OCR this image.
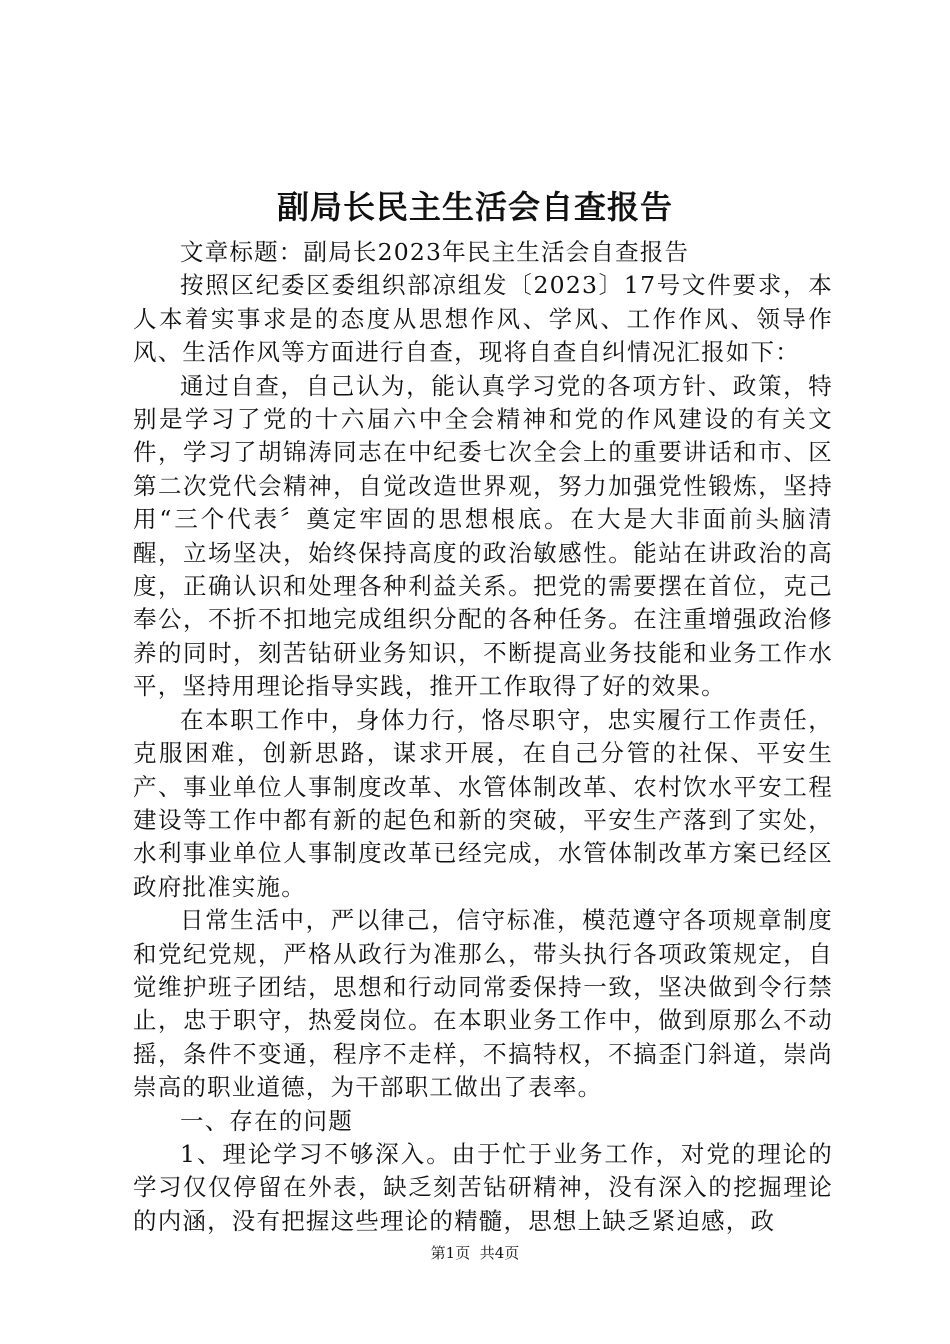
副局长民主生活会自查报告

文章标题：副局长2023年民主生活会自查报告

按照区纪委区委组织部凉组发〔2023〕17号文件要求，本人本着实事求是的态度从思想作风、学风、工作作风、领导作风、生活作风等方面进行自查，现将自查自纠情况汇报如下：

通过自查，自己认为，能认真学习党的各项方针、政策，特别是学习了党的十六届六中全会精神和党的作风建设的有关文件，学习了胡锦涛同志在中纪委七次全会上的重要讲话和市、区第二次党代会精神，自觉改造世界观，努力加强党性锻炼，坚持用“三个代表〞奠定牢固的思想根底。在大是大非面前头脑清醒，立场坚决，始终保持高度的政治敏感性。能站在讲政治的高度，正确认识和处理各种利益关系。把党的需要摆在首位，克己奉公，不折不扣地完成组织分配的各种任务。在注重增强政治修养的同时，刻苦钻研业务知识，不断提高业务技能和业务工作水平，坚持用理论指导实践，推开工作取得了好的效果。

在本职工作中，身体力行，恪尽职守，忠实履行工作责任，克服困难，创新思路，谋求开展，在自己分管的社保、平安生产、事业单位人事制度改革、水管体制改革、农村饮水平安工程建设等工作中都有新的起色和新的突破，平安生产落到了实处，水利事业单位人事制度改革已经完成，水管体制改革方案已经区政府批准实施。

日常生活中，严以律己，信守标准，模范遵守各项规章制度和党纪党规，严格从政行为准那么，带头执行各项政策规定，自觉维护班子团结，思想和行动同常委保持一致，坚决做到令行禁止，忠于职守，热爱岗位。在本职业务工作中，做到原那么不动摇，条件不变通，程序不走样，不搞特权，不搞歪门斜道，崇尚崇高的职业道德，为干部职工做出了表率。

一、存在的问题

1、理论学习不够深入。由于忙于业务工作，对党的理论的学习仅仅停留在外表，缺乏刻苦钻研精神，没有深入的挖掘理论的内涵，没有把握这些理论的精髓，思想上缺乏紧迫感，政

第1页 共4页
